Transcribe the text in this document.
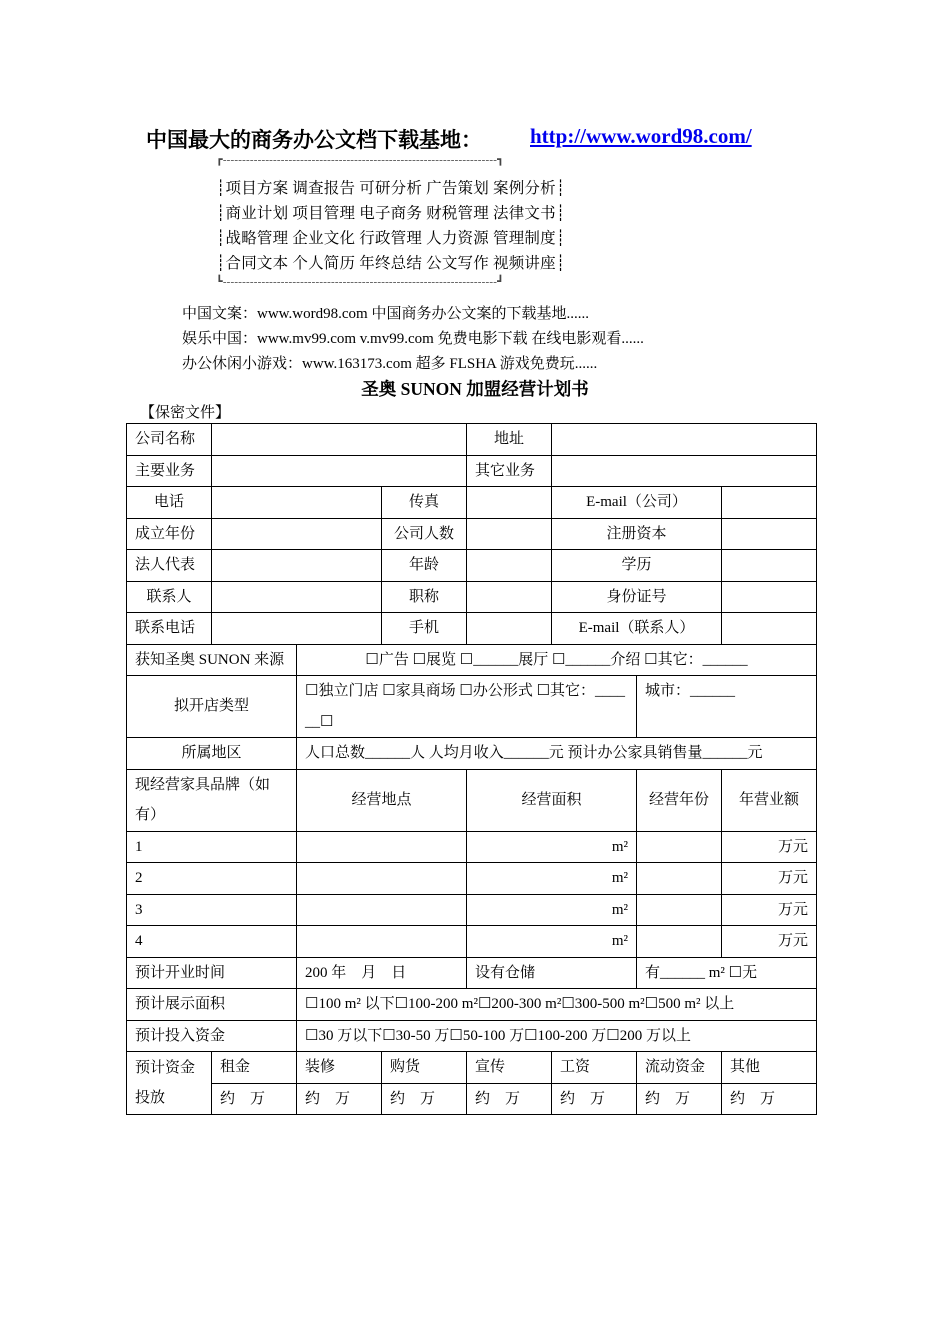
中国最大的商务办公文档下载基地： http://www.word98.com/
┏-----------------------------------------------------------------------┓
┊项目方案 调查报告 可研分析 广告策划 案例分析┊
┊商业计划 项目管理 电子商务 财税管理 法律文书┊
┊战略管理 企业文化 行政管理 人力资源 管理制度┊
┊合同文本 个人简历 年终总结 公文写作 视频讲座┊
┗-----------------------------------------------------------------------┛
中国文案：www.word98.com 中国商务办公文案的下载基地......
娱乐中国：www.mv99.com v.mv99.com 免费电影下载 在线电影观看......
办公休闲小游戏：www.163173.com 超多 FLSHA 游戏免费玩......
圣奥 SUNON 加盟经营计划书
【保密文件】
公司名称				地址			
主要业务				其它业务			
电话			传真		E-mail（公司）		
成立年份			公司人数		注册资本		
法人代表			年龄		学历		
联系人			职称		身份证号		
联系电话			手机		E-mail（联系人）		
获知圣奥 SUNON 来源		☐广告 ☐展览 ☐______展厅 ☐______介绍 ☐其它：______					
拟开店类型		☐独立门店 ☐家具商场 ☐办公形式 ☐其它：______☐				城市：______	
所属地区		人口总数______人 人均月收入______元 预计办公家具销售量______元					
现经营家具品牌（如有）		经营地点		经营面积		经营年份	年营业额
1				m²			万元
2				m²			万元
3				m²			万元
4				m²			万元
预计开业时间		200 年    月    日		设有仓储		有______ m² ☐无	
预计展示面积		☐100 m² 以下☐100-200 m²☐200-300 m²☐300-500 m²☐500 m² 以上					
预计投入资金		☐30 万以下☐30-50 万☐50-100 万☐100-200 万☐200 万以上					
预计资金投放	租金	装修	购货	宣传	工资	流动资金	其他
	约    万	约    万	约    万	约    万	约    万	约    万	约    万
